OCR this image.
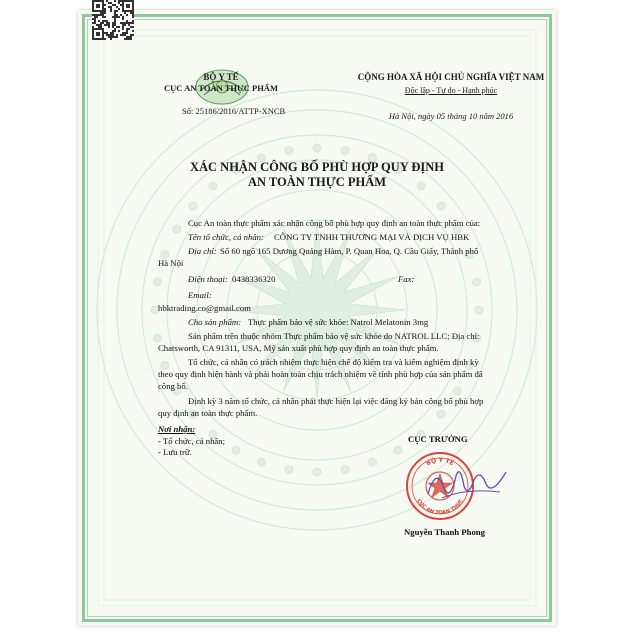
BỘ Y TẾ
CỤC AN TOÀN THỰC PHẨM
Số: 25186/2016/ATTP-XNCB
CỘNG HÒA XÃ HỘI CHỦ NGHĨA VIỆT NAM
Độc lập - Tự do - Hạnh phúc
Hà Nội, ngày 05 tháng 10 năm 2016
XÁC NHẬN CÔNG BỐ PHÙ HỢP QUY ĐỊNH
AN TOÀN THỰC PHẨM
Cục An toàn thực phẩm xác nhận công bố phù hợp quy định an toàn thực phẩm của:
Tên tổ chức, cá nhân: CÔNG TY TNHH THƯƠNG MẠI VÀ DỊCH VỤ HBK
Địa chỉ: Số 60 ngõ 165 Dương Quảng Hàm, P. Quan Hoa, Q. Cầu Giấy, Thành phố
Hà Nội
Điện thoại: 0438336320	Fax:
Email:
hbktrading.co@gmail.com
Cho sản phẩm: Thực phẩm bảo vệ sức khỏe: Natrol Melatonin 3mg
Sản phẩm trên thuộc nhóm Thực phẩm bảo vệ sức khỏe do NATROL LLC; Địa chỉ:
Chatsworth, CA 91311, USA, Mỹ sản xuất phù hợp quy định an toàn thực phẩm.
Tổ chức, cá nhân có trách nhiệm thực hiện chế độ kiểm tra và kiểm nghiệm định kỳ
theo quy định hiện hành và phải hoàn toàn chịu trách nhiệm về tính phù hợp của sản phẩm đã
công bố.
Định kỳ 3 năm tổ chức, cá nhân phải thực hiện lại việc đăng ký bản công bố phù hợp
quy định an toàn thực phẩm.
Nơi nhận:
- Tổ chức, cá nhân;
- Lưu trữ.
CỤC TRƯỞNG
BỘ Y TẾ
CỤC AN TOÀN THỰC
Nguyễn Thanh Phong
